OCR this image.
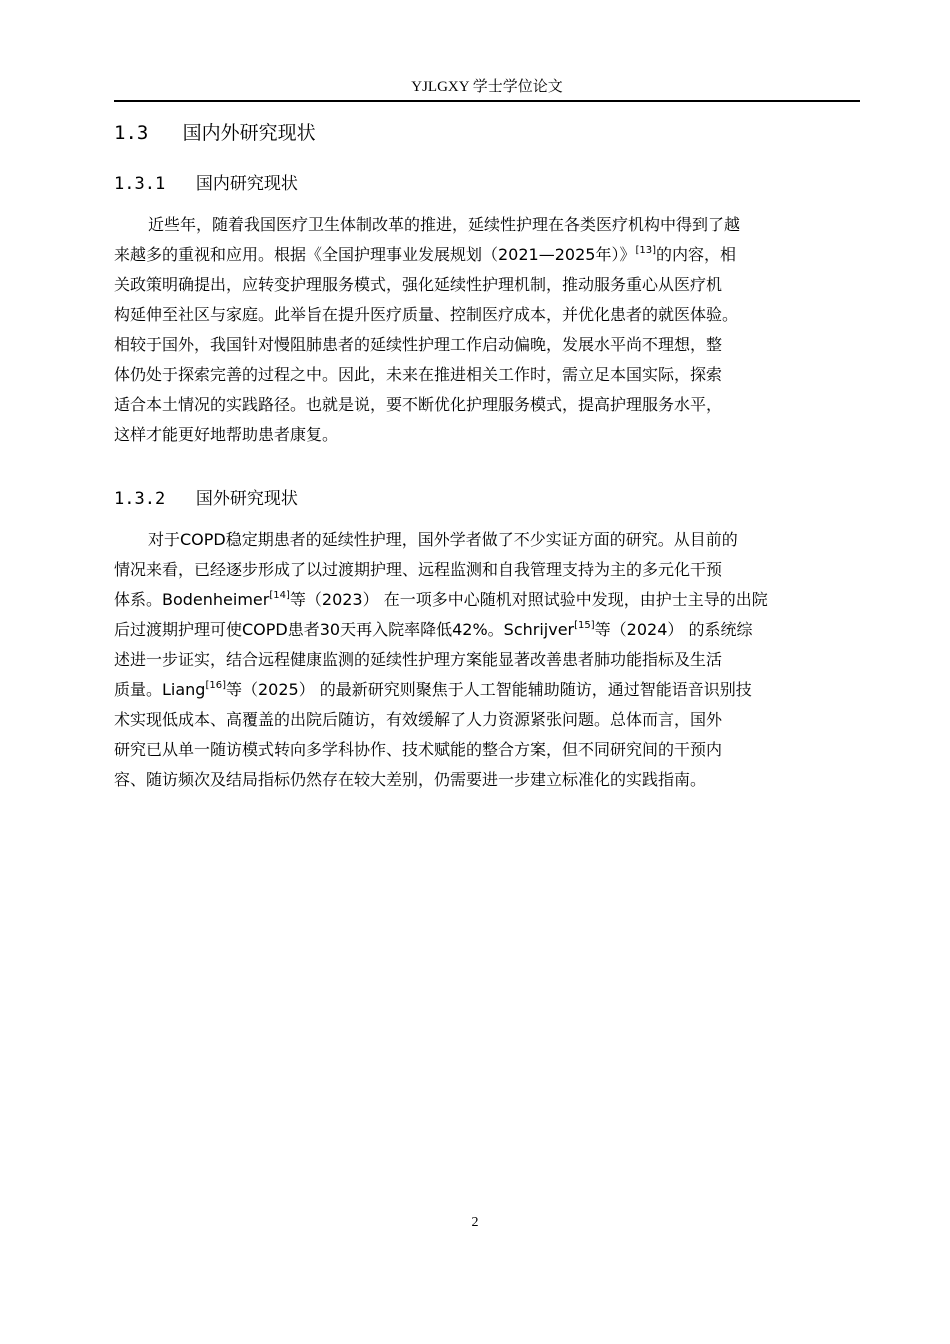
YJLGXY 学士学位论文
1.3 国内外研究现状
1.3.1 国内研究现状
近些年，随着我国医疗卫生体制改革的推进，延续性护理在各类医疗机构中得到了越
来越多的重视和应用。根据《全国护理事业发展规划（2021—2025年）》[13]的内容，相
关政策明确提出，应转变护理服务模式，强化延续性护理机制，推动服务重心从医疗机
构延伸至社区与家庭。此举旨在提升医疗质量、控制医疗成本，并优化患者的就医体验。
相较于国外，我国针对慢阻肺患者的延续性护理工作启动偏晚，发展水平尚不理想，整
体仍处于探索完善的过程之中。因此，未来在推进相关工作时，需立足本国实际，探索
适合本土情况的实践路径。也就是说，要不断优化护理服务模式，提高护理服务水平，
这样才能更好地帮助患者康复。
1.3.2 国外研究现状
对于COPD稳定期患者的延续性护理，国外学者做了不少实证方面的研究。从目前的
情况来看，已经逐步形成了以过渡期护理、远程监测和自我管理支持为主的多元化干预
体系。Bodenheimer[14]等（2023） 在一项多中心随机对照试验中发现，由护士主导的出院
后过渡期护理可使COPD患者30天再入院率降低42%。Schrijver[15]等（2024） 的系统综
述进一步证实，结合远程健康监测的延续性护理方案能显著改善患者肺功能指标及生活
质量。Liang[16]等（2025） 的最新研究则聚焦于人工智能辅助随访，通过智能语音识别技
术实现低成本、高覆盖的出院后随访，有效缓解了人力资源紧张问题。总体而言，国外
研究已从单一随访模式转向多学科协作、技术赋能的整合方案，但不同研究间的干预内
容、随访频次及结局指标仍然存在较大差别，仍需要进一步建立标准化的实践指南。
2
